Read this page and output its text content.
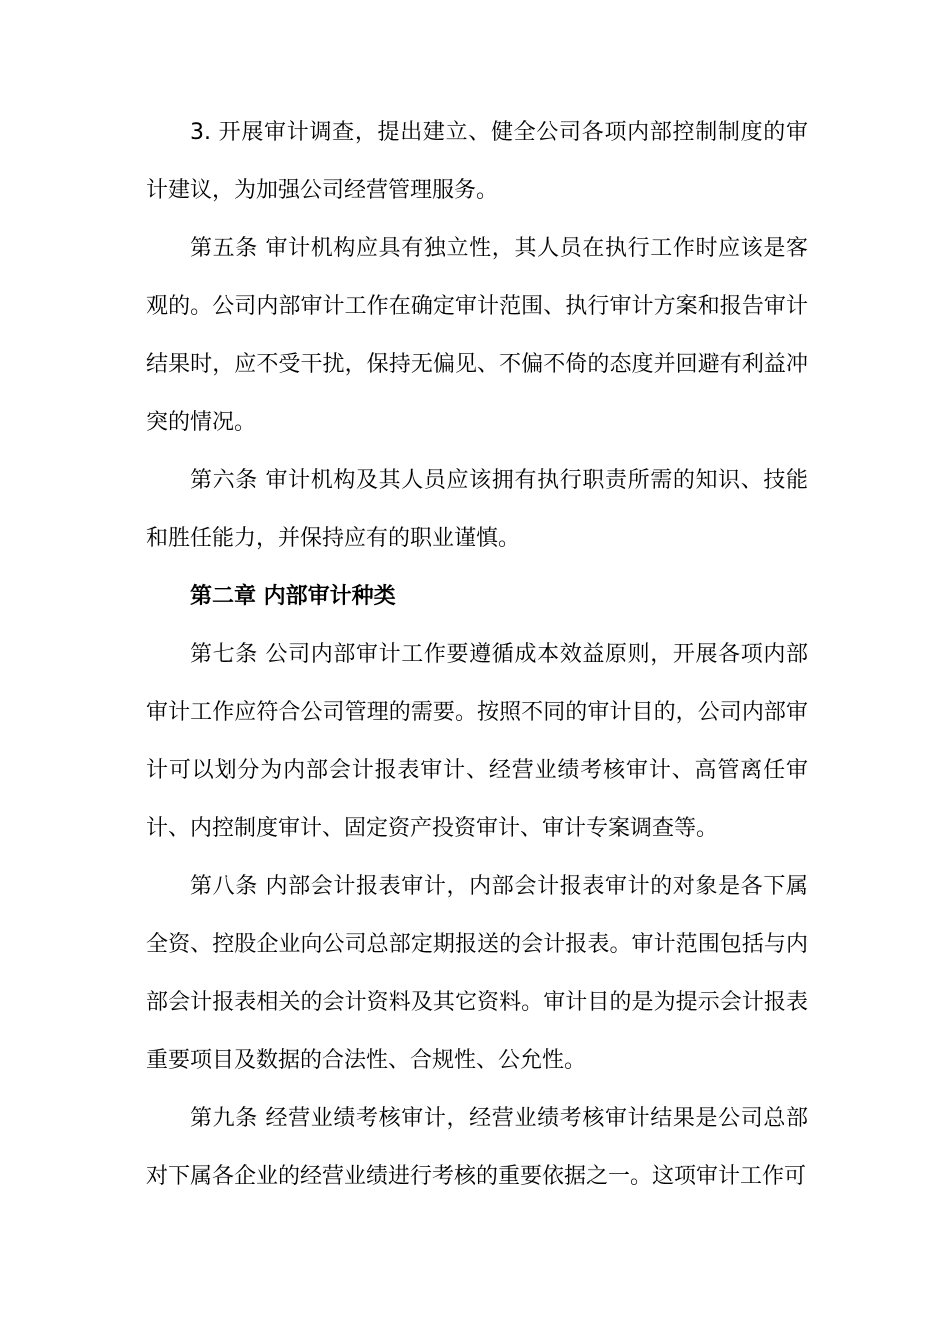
3. 开展审计调查，提出建立、健全公司各项内部控制制度的审计建议，为加强公司经营管理服务。

第五条 审计机构应具有独立性，其人员在执行工作时应该是客观的。公司内部审计工作在确定审计范围、执行审计方案和报告审计结果时，应不受干扰，保持无偏见、不偏不倚的态度并回避有利益冲突的情况。

第六条 审计机构及其人员应该拥有执行职责所需的知识、技能和胜任能力，并保持应有的职业谨慎。

第二章 内部审计种类

第七条 公司内部审计工作要遵循成本效益原则，开展各项内部审计工作应符合公司管理的需要。按照不同的审计目的，公司内部审计可以划分为内部会计报表审计、经营业绩考核审计、高管离任审计、内控制度审计、固定资产投资审计、审计专案调查等。

第八条 内部会计报表审计，内部会计报表审计的对象是各下属全资、控股企业向公司总部定期报送的会计报表。审计范围包括与内部会计报表相关的会计资料及其它资料。审计目的是为提示会计报表重要项目及数据的合法性、合规性、公允性。

第九条 经营业绩考核审计，经营业绩考核审计结果是公司总部对下属各企业的经营业绩进行考核的重要依据之一。这项审计工作可
